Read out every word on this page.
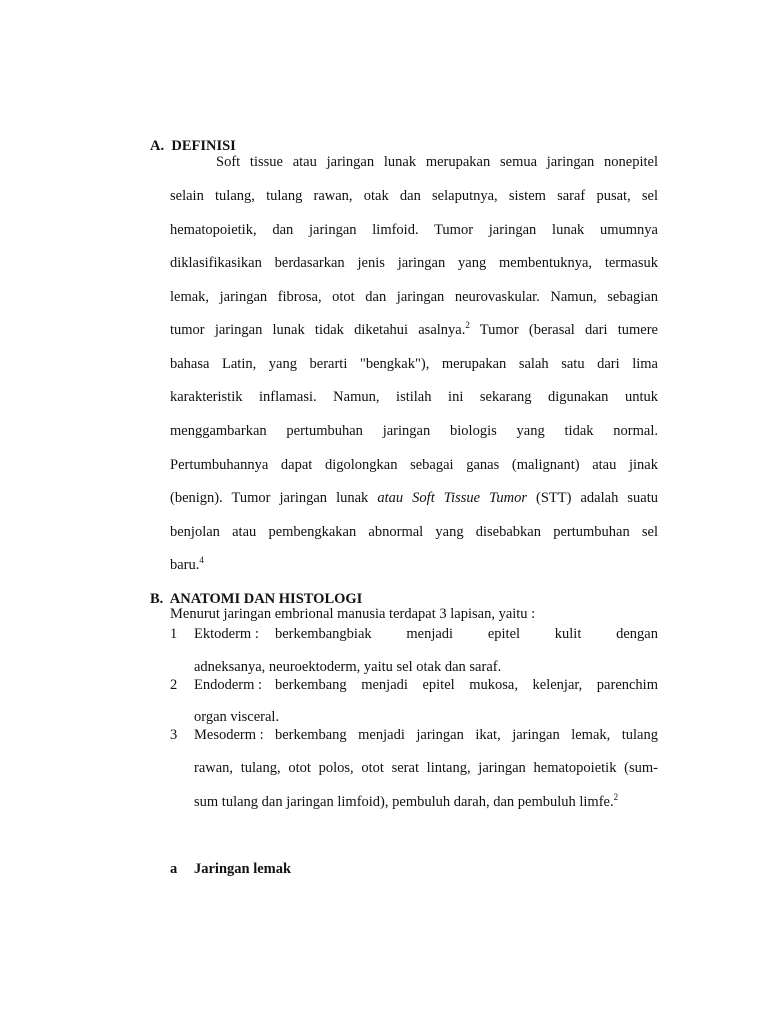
A. DEFINISI
Soft tissue atau jaringan lunak merupakan semua jaringan nonepitel
selain tulang, tulang rawan, otak dan selaputnya, sistem saraf pusat, sel
hematopoietik, dan jaringan limfoid. Tumor jaringan lunak umumnya
diklasifikasikan berdasarkan jenis jaringan yang membentuknya, termasuk
lemak, jaringan fibrosa, otot dan jaringan neurovaskular. Namun, sebagian
tumor jaringan lunak tidak diketahui asalnya.$^2$ Tumor (berasal dari tumere
bahasa Latin, yang berarti "bengkak"), merupakan salah satu dari lima
karakteristik inflamasi. Namun, istilah ini sekarang digunakan untuk
menggambarkan pertumbuhan jaringan biologis yang tidak normal.
Pertumbuhannya dapat digolongkan sebagai ganas (malignant) atau jinak
(benign). Tumor jaringan lunak atau Soft Tissue Tumor (STT) adalah suatu
benjolan atau pembengkakan abnormal yang disebabkan pertumbuhan sel
baru.$^4$
B. ANATOMI DAN HISTOLOGI
Menurut jaringan embrional manusia terdapat 3 lapisan, yaitu :
1 Ektoderm : berkembangbiak menjadi epitel kulit dengan
adneksanya, neuroektoderm, yaitu sel otak dan saraf.
2 Endoderm : berkembang menjadi epitel mukosa, kelenjar, parenchim
organ visceral.
3 Mesoderm : berkembang menjadi jaringan ikat, jaringan lemak, tulang
rawan, tulang, otot polos, otot serat lintang, jaringan hematopoietik (sum-
sum tulang dan jaringan limfoid), pembuluh darah, dan pembuluh limfe.$^2$
a Jaringan lemak
